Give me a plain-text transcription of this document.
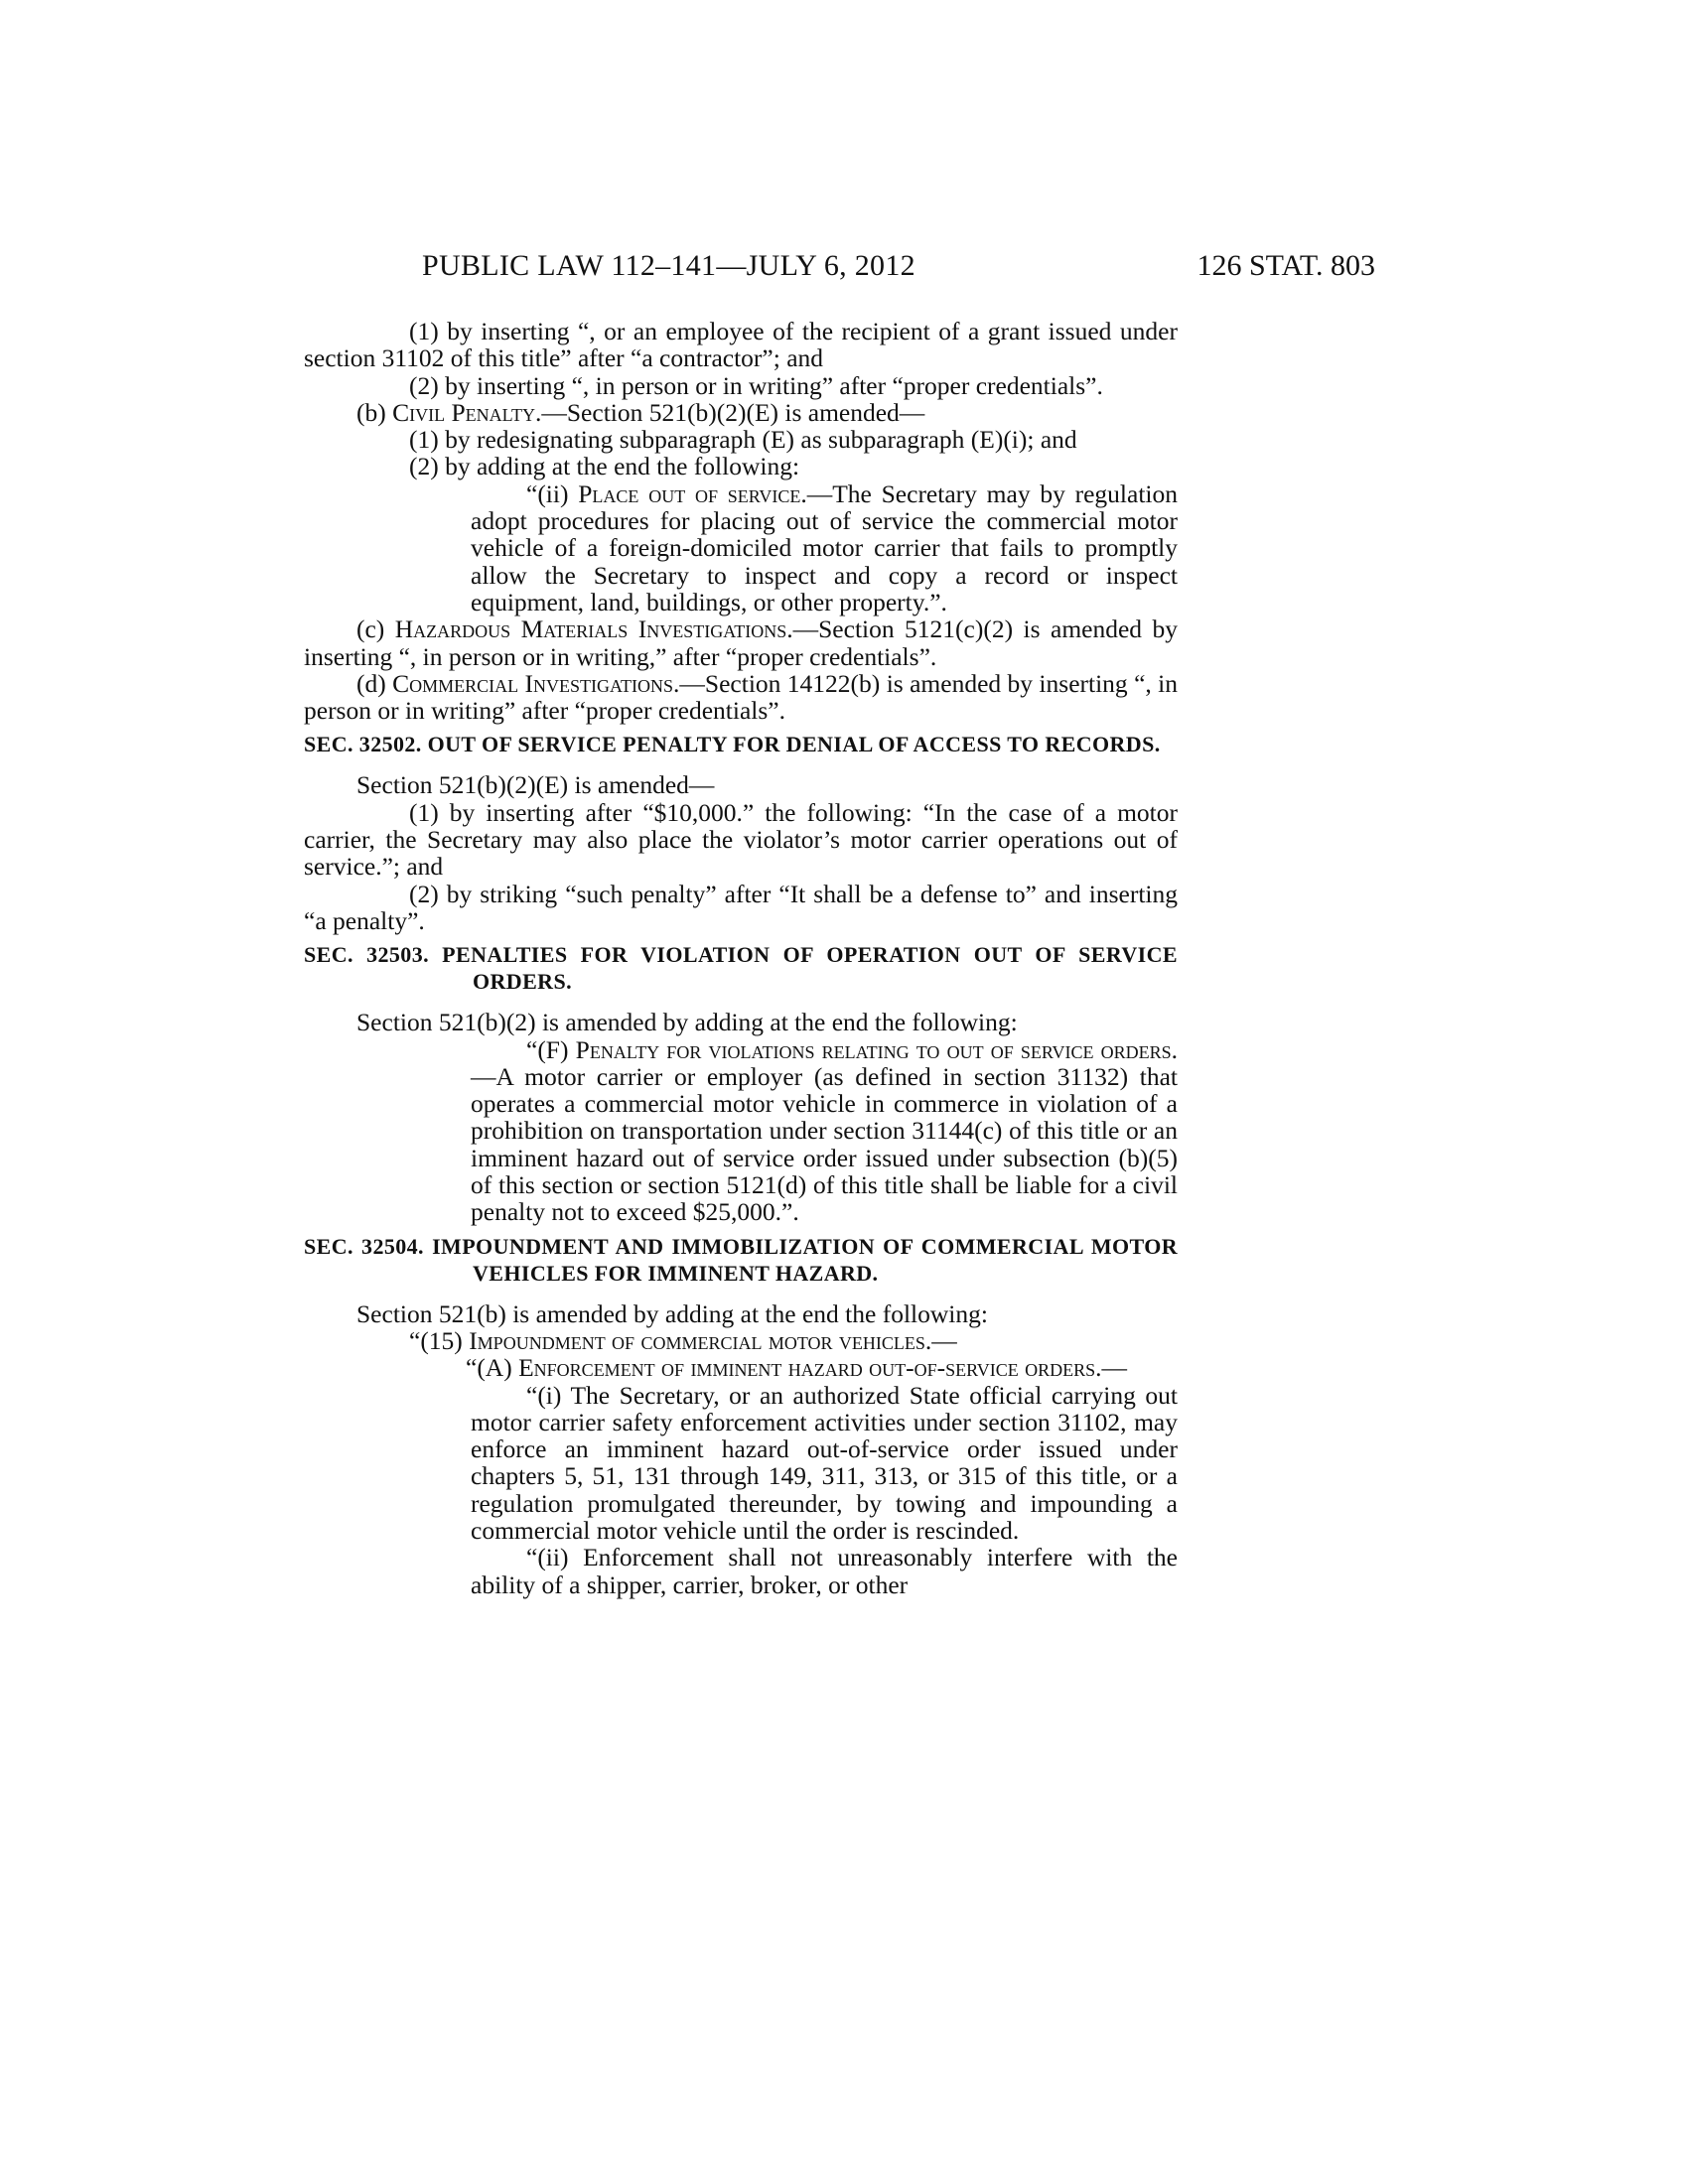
PUBLIC LAW 112–141—JULY 6, 2012	126 STAT. 803

(1) by inserting “, or an employee of the recipient of a grant issued under section 31102 of this title” after “a contractor”; and

(2) by inserting “, in person or in writing” after “proper credentials”.

(b) Civil Penalty.—Section 521(b)(2)(E) is amended—

(1) by redesignating subparagraph (E) as subparagraph (E)(i); and

(2) by adding at the end the following:

“(ii) Place out of service.—The Secretary may by regulation adopt procedures for placing out of service the commercial motor vehicle of a foreign-domiciled motor carrier that fails to promptly allow the Secretary to inspect and copy a record or inspect equipment, land, buildings, or other property.”.

(c) Hazardous Materials Investigations.—Section 5121(c)(2) is amended by inserting “, in person or in writing,” after “proper credentials”.

(d) Commercial Investigations.—Section 14122(b) is amended by inserting “, in person or in writing” after “proper credentials”.

SEC. 32502. OUT OF SERVICE PENALTY FOR DENIAL OF ACCESS TO RECORDS.

Section 521(b)(2)(E) is amended—

(1) by inserting after “$10,000.” the following: “In the case of a motor carrier, the Secretary may also place the violator’s motor carrier operations out of service.”; and

(2) by striking “such penalty” after “It shall be a defense to” and inserting “a penalty”.

SEC. 32503. PENALTIES FOR VIOLATION OF OPERATION OUT OF SERVICE ORDERS.

Section 521(b)(2) is amended by adding at the end the following:

“(F) Penalty for violations relating to out of service orders.—A motor carrier or employer (as defined in section 31132) that operates a commercial motor vehicle in commerce in violation of a prohibition on transportation under section 31144(c) of this title or an imminent hazard out of service order issued under subsection (b)(5) of this section or section 5121(d) of this title shall be liable for a civil penalty not to exceed $25,000.”.

SEC. 32504. IMPOUNDMENT AND IMMOBILIZATION OF COMMERCIAL MOTOR VEHICLES FOR IMMINENT HAZARD.

Section 521(b) is amended by adding at the end the following:

“(15) Impoundment of commercial motor vehicles.—

“(A) Enforcement of imminent hazard out-of-service orders.—

“(i) The Secretary, or an authorized State official carrying out motor carrier safety enforcement activities under section 31102, may enforce an imminent hazard out-of-service order issued under chapters 5, 51, 131 through 149, 311, 313, or 315 of this title, or a regulation promulgated thereunder, by towing and impounding a commercial motor vehicle until the order is rescinded.

“(ii) Enforcement shall not unreasonably interfere with the ability of a shipper, carrier, broker, or other
